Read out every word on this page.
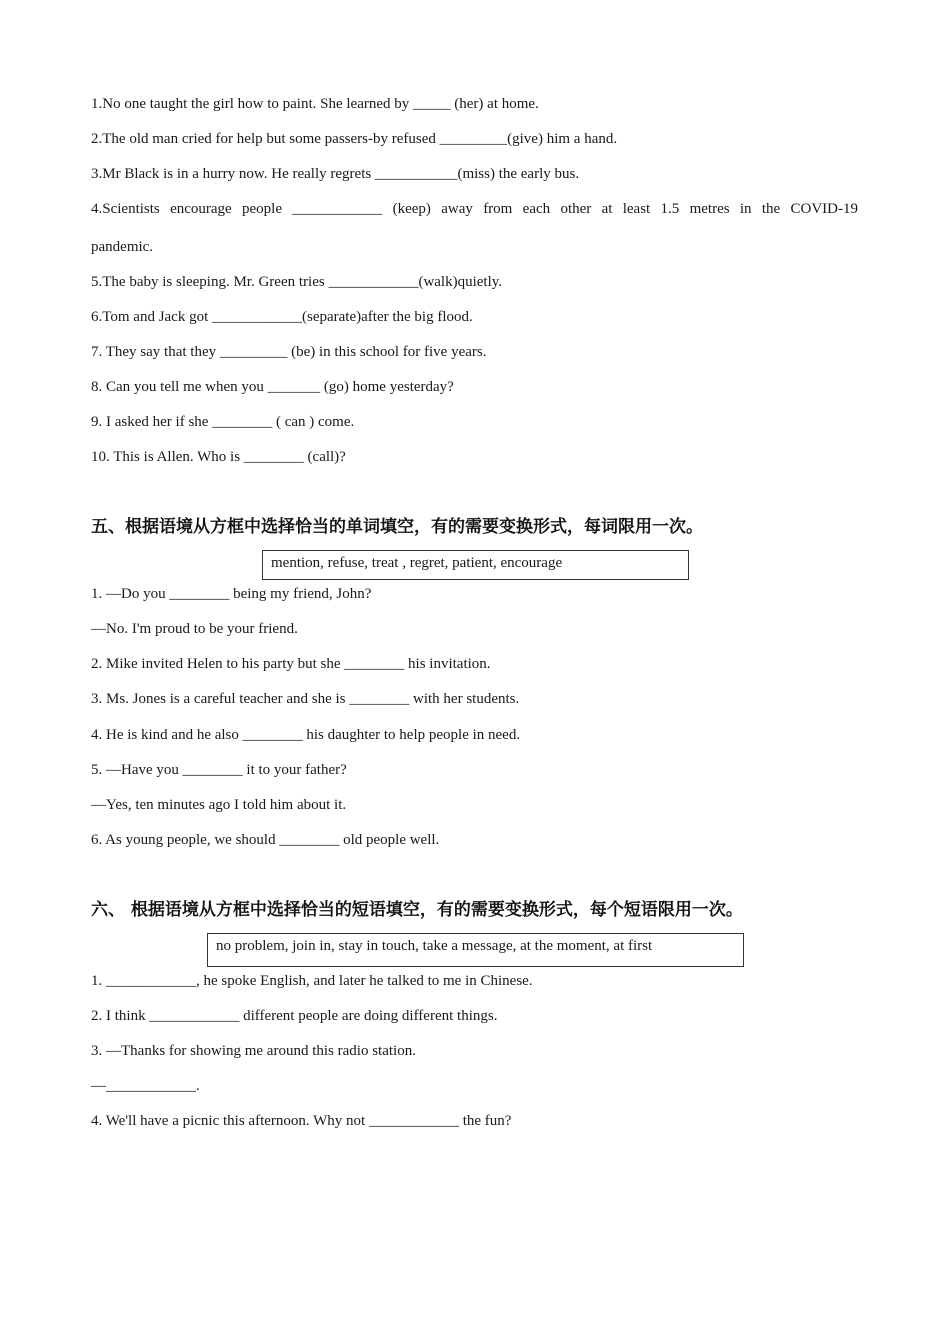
1.No one taught the girl how to paint. She learned by _____ (her) at home.
2.The old man cried for help but some passers-by refused _________(give) him a hand.
3.Mr Black is in a hurry now. He really regrets ___________(miss) the early bus.
4.Scientists encourage people ____________ (keep) away from each other at least 1.5 metres in the COVID-19
pandemic.
5.The baby is sleeping. Mr. Green tries ____________(walk)quietly.
6.Tom and Jack got ____________(separate)after the big flood.
7. They say that they _________ (be) in this school for five years.
8. Can you tell me when you _______ (go) home yesterday?
9. I asked her if she ________ ( can ) come.
10. This is Allen. Who is ________ (call)?
五、根据语境从方框中选择恰当的单词填空，有的需要变换形式，每词限用一次。
mention, refuse, treat , regret, patient, encourage
1. —Do you ________ being my friend, John?
—No. I'm proud to be your friend.
2. Mike invited Helen to his party but she ________ his invitation.
3. Ms. Jones is a careful teacher and she is ________ with her students.
4. He is kind and he also ________ his daughter to help people in need.
5. —Have you ________ it to your father?
—Yes, ten minutes ago I told him about it.
6. As young people, we should ________ old people well.
六、 根据语境从方框中选择恰当的短语填空，有的需要变换形式，每个短语限用一次。
no problem, join in, stay in touch, take a message, at the moment, at first
1. ____________, he spoke English, and later he talked to me in Chinese.
2. I think ____________ different people are doing different things.
3. —Thanks for showing me around this radio station.
—____________.
4. We'll have a picnic this afternoon. Why not ____________ the fun?
